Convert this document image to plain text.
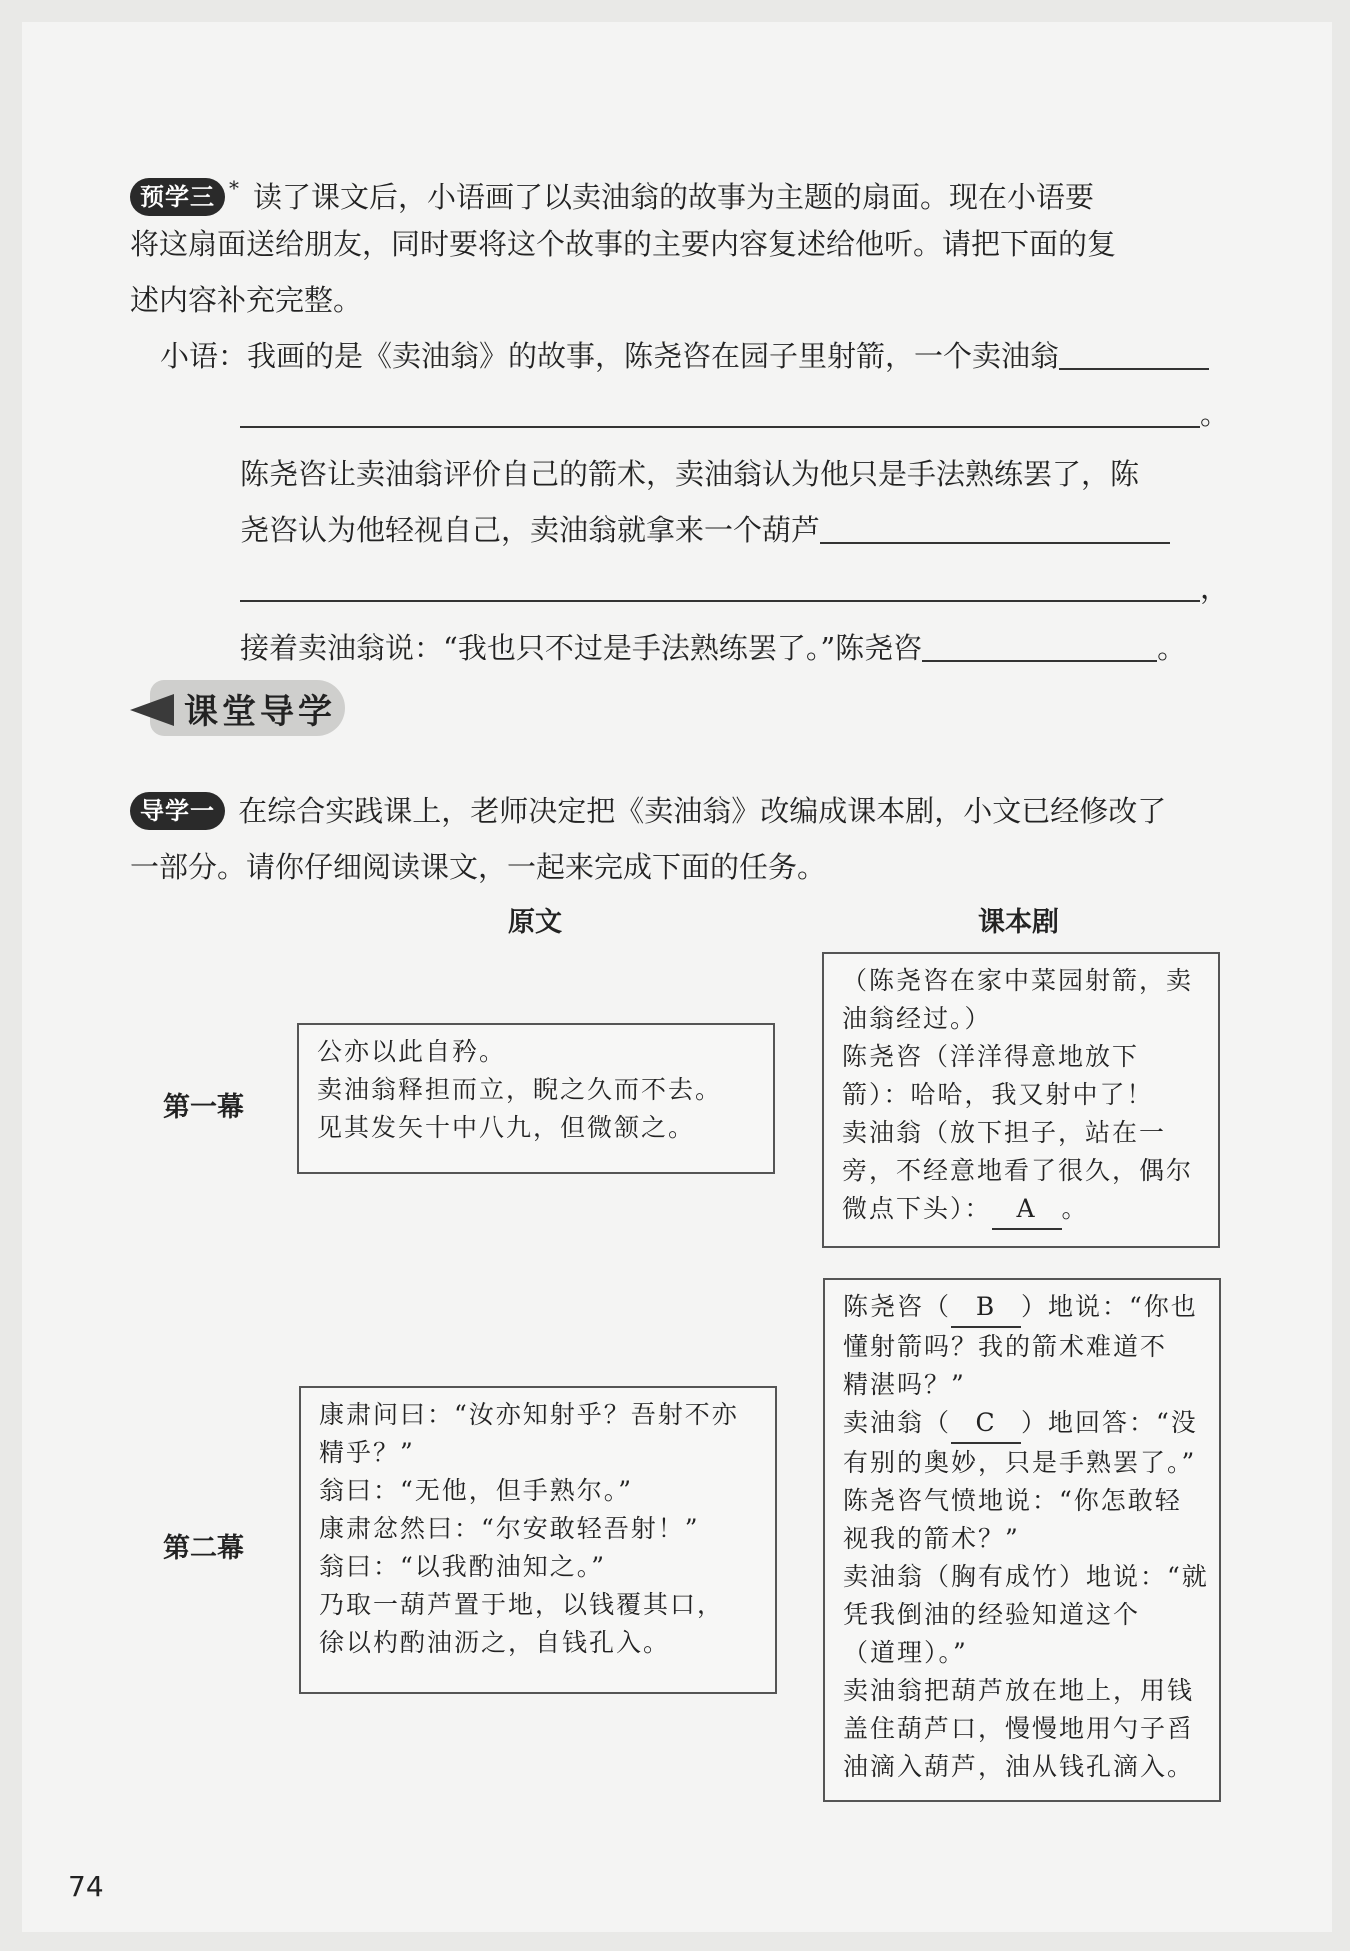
预学三 * 读了课文后，小语画了以卖油翁的故事为主题的扇面。现在小语要
将这扇面送给朋友，同时要将这个故事的主要内容复述给他听。请把下面的复
述内容补充完整。
小语：我画的是《卖油翁》的故事，陈尧咨在园子里射箭，一个卖油翁
。
陈尧咨让卖油翁评价自己的箭术，卖油翁认为他只是手法熟练罢了，陈
尧咨认为他轻视自己，卖油翁就拿来一个葫芦
，
接着卖油翁说：“我也只不过是手法熟练罢了。”陈尧咨	。
课堂导学
导学一 在综合实践课上，老师决定把《卖油翁》改编成课本剧，小文已经修改了
一部分。请你仔细阅读课文，一起来完成下面的任务。
原文	课本剧
第一幕
公亦以此自矜。
卖油翁释担而立，睨之久而不去。
见其发矢十中八九，但微颔之。
（陈尧咨在家中菜园射箭，卖
油翁经过。）
陈尧咨（洋洋得意地放下
箭）：哈哈，我又射中了！
卖油翁（放下担子，站在一
旁，不经意地看了很久，偶尔
微点下头）： A 。
第二幕
康肃问曰：“汝亦知射乎？吾射不亦
精乎？”
翁曰：“无他，但手熟尔。”
康肃忿然曰：“尔安敢轻吾射！”
翁曰：“以我酌油知之。”
乃取一葫芦置于地，以钱覆其口，
徐以杓酌油沥之，自钱孔入。
陈尧咨（ B ）地说：“你也
懂射箭吗？我的箭术难道不
精湛吗？”
卖油翁（ C ）地回答：“没
有别的奥妙，只是手熟罢了。”
陈尧咨气愤地说：“你怎敢轻
视我的箭术？”
卖油翁（胸有成竹）地说：“就
凭我倒油的经验知道这个
（道理）。”
卖油翁把葫芦放在地上，用钱
盖住葫芦口，慢慢地用勺子舀
油滴入葫芦，油从钱孔滴入。
74
